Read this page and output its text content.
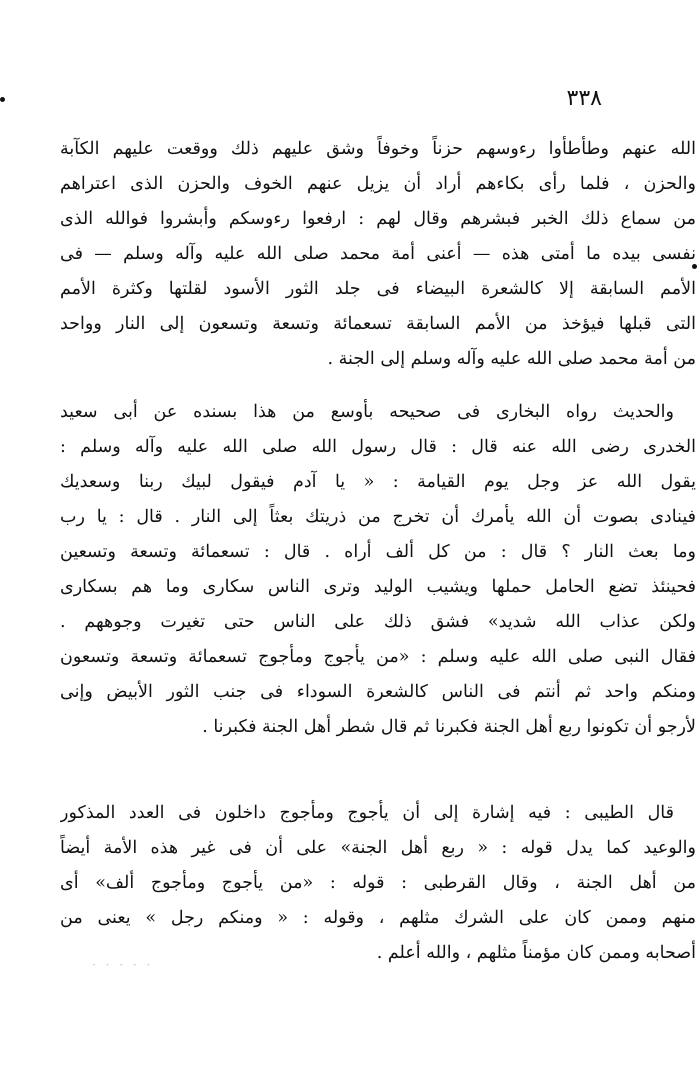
٣٣٨
الله عنهم وطأطأوا رءوسهم حزناً وخوفاً وشق عليهم ذلك ووقعت عليهم الكآبة
والحزن ، فلما رأى بكاءهم أراد أن يزيل عنهم الخوف والحزن الذى اعتراهم
من سماع ذلك الخبر فبشرهم وقال لهم : ارفعوا رءوسكم وأبشروا فوالله الذى
نفسى بيده ما أمتى هذه — أعنى أمة محمد صلى الله عليه وآله وسلم — فى
الأمم السابقة إلا كالشعرة البيضاء فى جلد الثور الأسود لقلتها وكثرة الأمم
التى قبلها فيؤخذ من الأمم السابقة تسعمائة وتسعة وتسعون إلى النار وواحد
من أمة محمد صلى الله عليه وآله وسلم إلى الجنة .
والحديث رواه البخارى فى صحيحه بأوسع من هذا بسنده عن أبى سعيد
الخدرى رضى الله عنه قال : قال رسول الله صلى الله عليه وآله وسلم :
يقول الله عز وجل يوم القيامة : « يا آدم فيقول لبيك ربنا وسعديك
فينادى بصوت أن الله يأمرك أن تخرج من ذريتك بعثاً إلى النار . قال : يا رب
وما بعث النار ؟ قال : من كل ألف أراه . قال : تسعمائة وتسعة وتسعين
فحينئذ تضع الحامل حملها ويشيب الوليد وترى الناس سكارى وما هم بسكارى
ولكن عذاب الله شديد» فشق ذلك على الناس حتى تغيرت وجوههم .
فقال النبى صلى الله عليه وسلم : «من يأجوج ومأجوج تسعمائة وتسعة وتسعون
ومنكم واحد ثم أنتم فى الناس كالشعرة السوداء فى جنب الثور الأبيض وإنى
لأرجو أن تكونوا ربع أهل الجنة فكبرنا ثم قال شطر أهل الجنة فكبرنا .
قال الطيبى : فيه إشارة إلى أن يأجوج ومأجوج داخلون فى العدد المذكور
والوعيد كما يدل قوله : « ربع أهل الجنة» على أن فى غير هذه الأمة أيضاً
من أهل الجنة ، وقال القرطبى : قوله : «من يأجوج ومأجوج ألف» أى
منهم وممن كان على الشرك مثلهم ، وقوله : « ومنكم رجل » يعنى من
أصحابه وممن كان مؤمناً مثلهم ، والله أعلم .
· · · · ·
